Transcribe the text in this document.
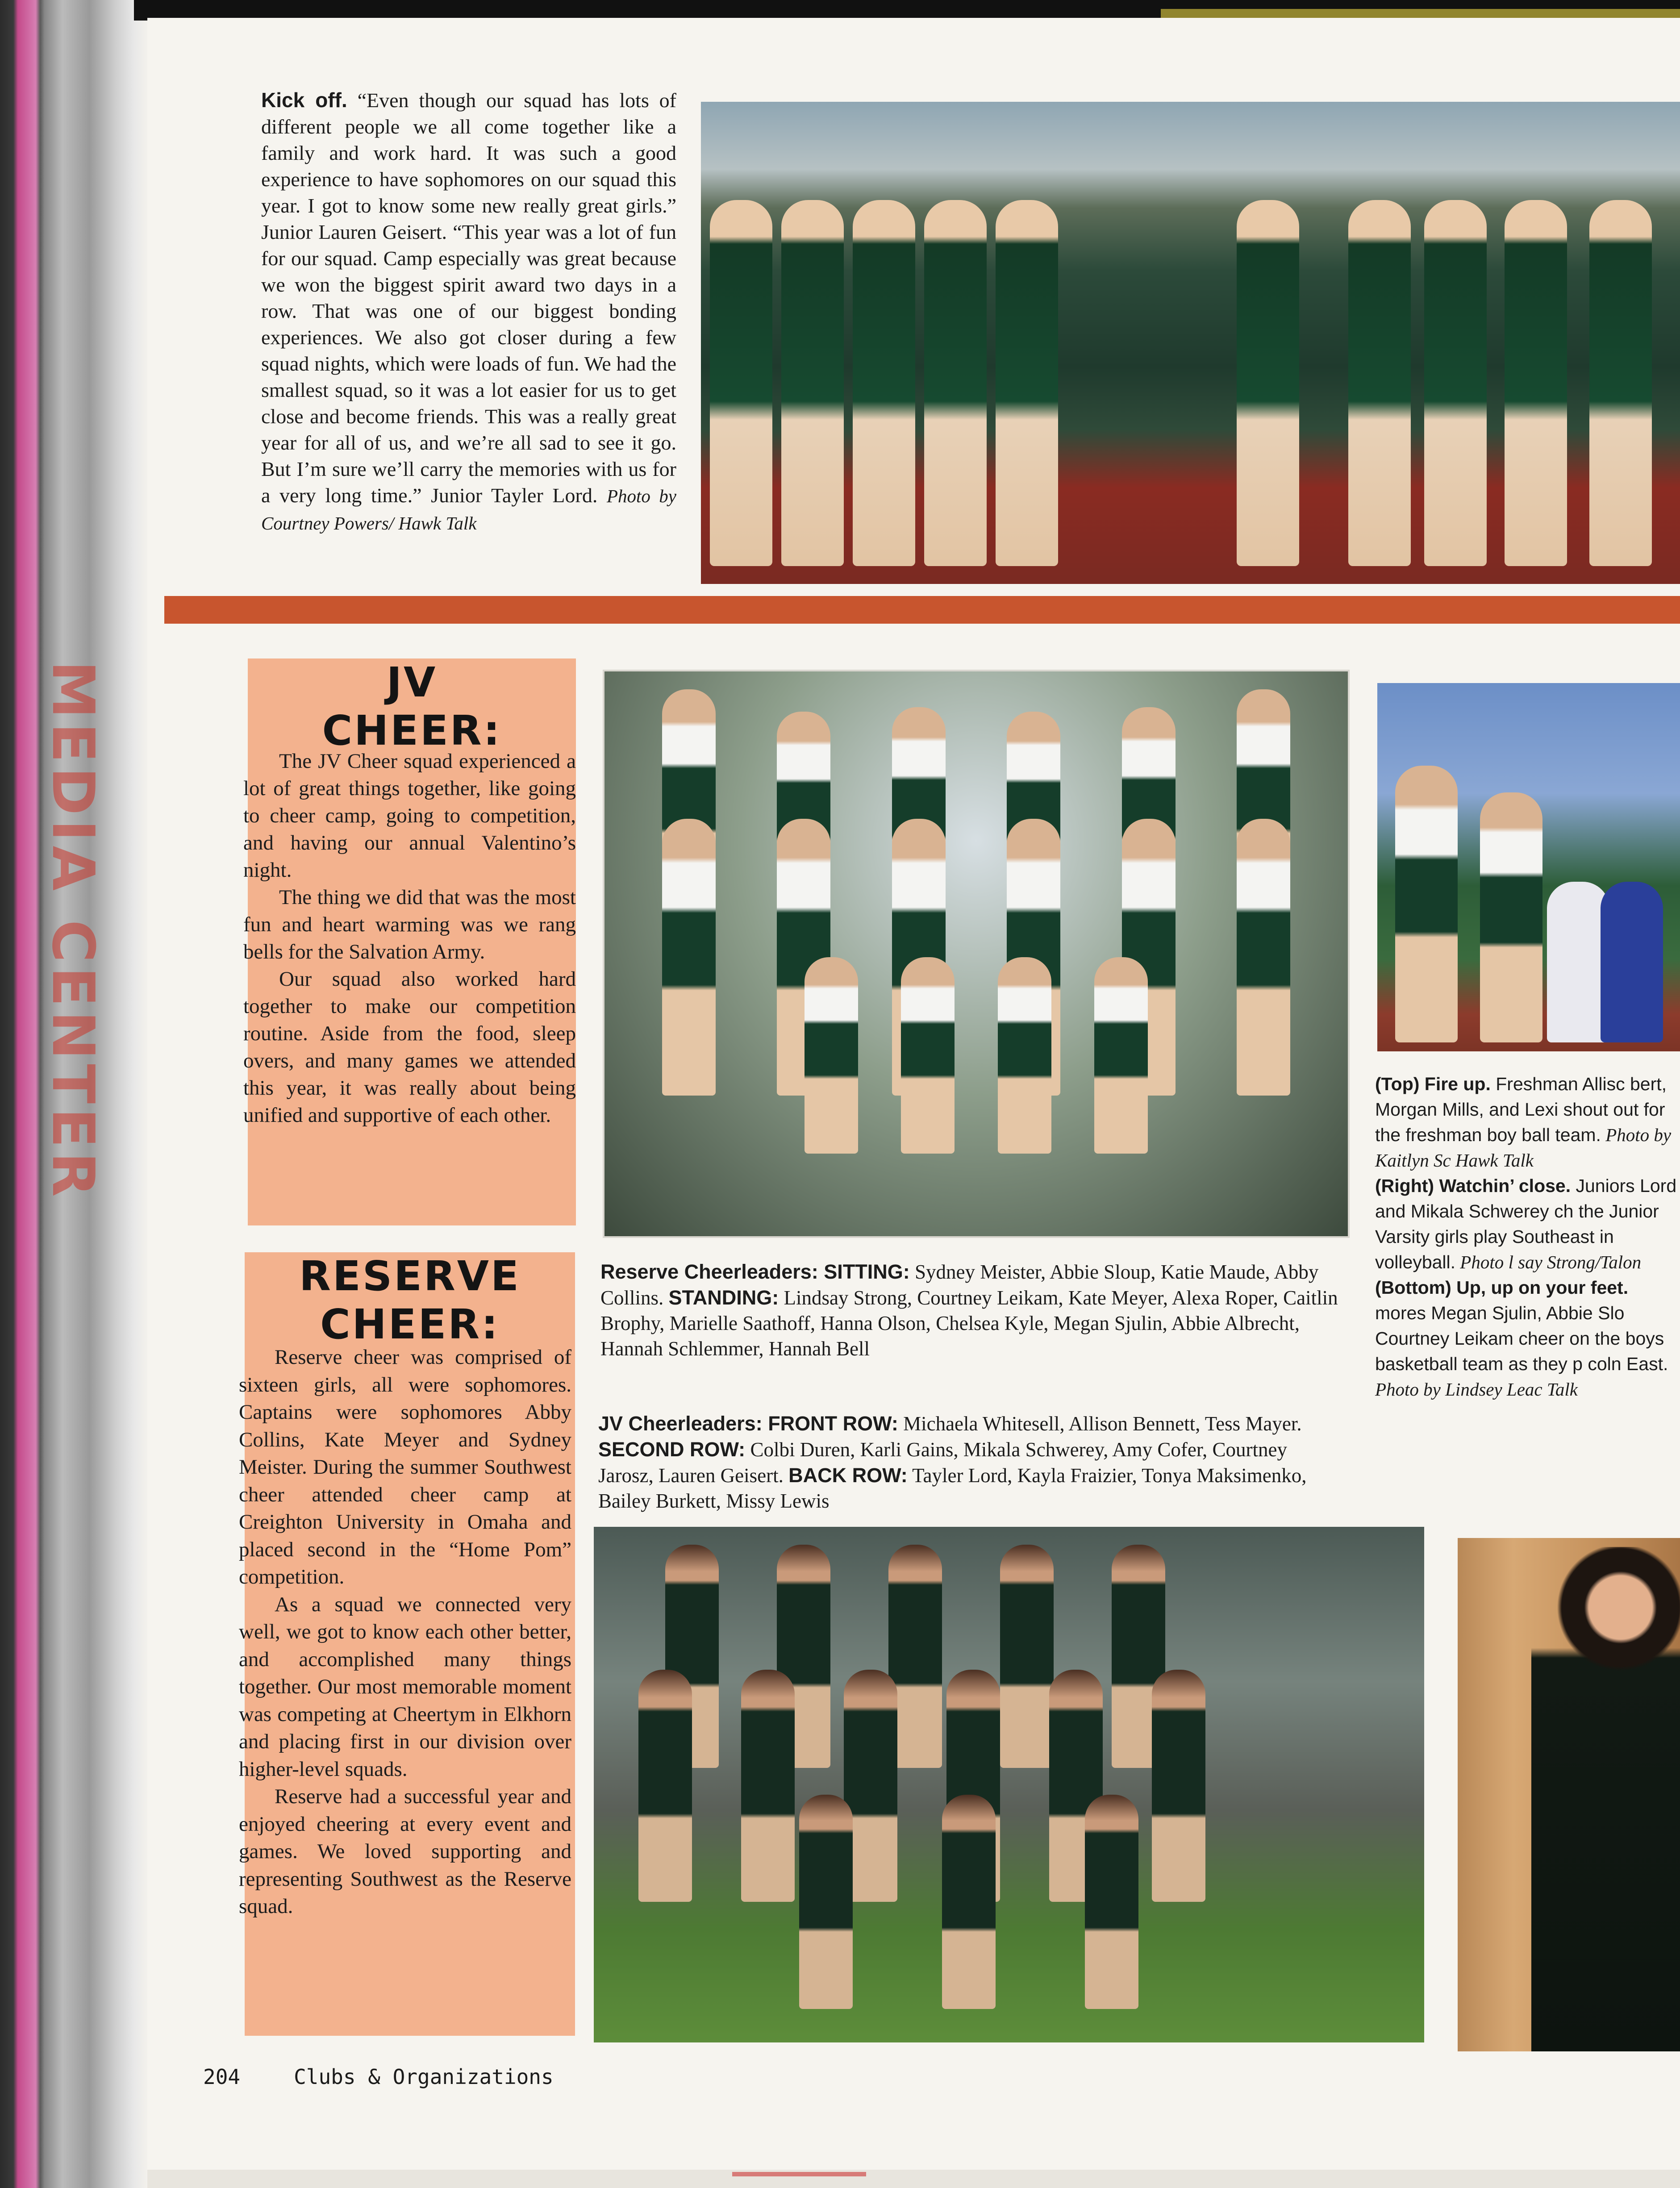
MEDIA CENTER
Kick off. “Even though our squad has lots of different people we all come together like a family and work hard. It was such a good experience to have sophomores on our squad this year. I got to know some new really great girls.” Junior Lauren Geisert. “This year was a lot of fun for our squad. Camp especially was great because we won the biggest spirit award two days in a row. That was one of our biggest bonding experiences. We also got closer during a few squad nights, which were loads of fun. We had the smallest squad, so it was a lot easier for us to get close and become friends. This was a really great year for all of us, and we’re all sad to see it go. But I’m sure we’ll carry the memories with us for a very long time.” Junior Tayler Lord. Photo by Courtney Powers/ Hawk Talk
JV
CHEER:

The JV Cheer squad experienced a lot of great things together, like going to cheer camp, going to competition, and having our annual Valentino’s night.

The thing we did that was the most fun and heart warming was we rang bells for the Salvation Army.

Our squad also worked hard together to make our competition routine. Aside from the food, sleep overs, and many games we attended this year, it was really about being unified and supportive of each other.

RESERVE
CHEER:

Reserve cheer was comprised of sixteen girls, all were sophomores. Captains were sophomores Abby Collins, Kate Meyer and Sydney Meister. During the summer Southwest cheer attended cheer camp at Creighton University in Omaha and placed second in the “Home Pom” competition.

As a squad we connected very well, we got to know each other better, and accomplished many things together. Our most memorable moment was competing at Cheertym in Elkhorn and placing first in our division over higher-level squads.

Reserve had a successful year and enjoyed cheering at every event and games. We loved supporting and representing Southwest as the Reserve squad.

(Top) Fire up. Freshman Allisc bert, Morgan Mills, and Lexi shout out for the freshman boy ball team. Photo by Kaitlyn Sc Hawk Talk

(Right) Watchin’ close. Juniors Lord and Mikala Schwerey ch the Junior Varsity girls play Southeast in volleyball. Photo l say Strong/Talon

(Bottom) Up, up on your feet. mores Megan Sjulin, Abbie Slo Courtney Leikam cheer on the boys basketball team as they p coln East. Photo by Lindsey Leac Talk

Reserve Cheerleaders: SITTING: Sydney Meister, Abbie Sloup, Katie Maude, Abby Collins. STANDING: Lindsay Strong, Courtney Leikam, Kate Meyer, Alexa Roper, Caitlin Brophy, Marielle Saathoff, Hanna Olson, Chelsea Kyle, Megan Sjulin, Abbie Albrecht, Hannah Schlemmer, Hannah Bell
JV Cheerleaders: FRONT ROW: Michaela Whitesell, Allison Bennett, Tess Mayer. SECOND ROW: Colbi Duren, Karli Gains, Mikala Schwerey, Amy Cofer, Courtney Jarosz, Lauren Geisert. BACK ROW: Tayler Lord, Kayla Fraizier, Tonya Maksimenko, Bailey Burkett, Missy Lewis
204	Clubs & Organizations
